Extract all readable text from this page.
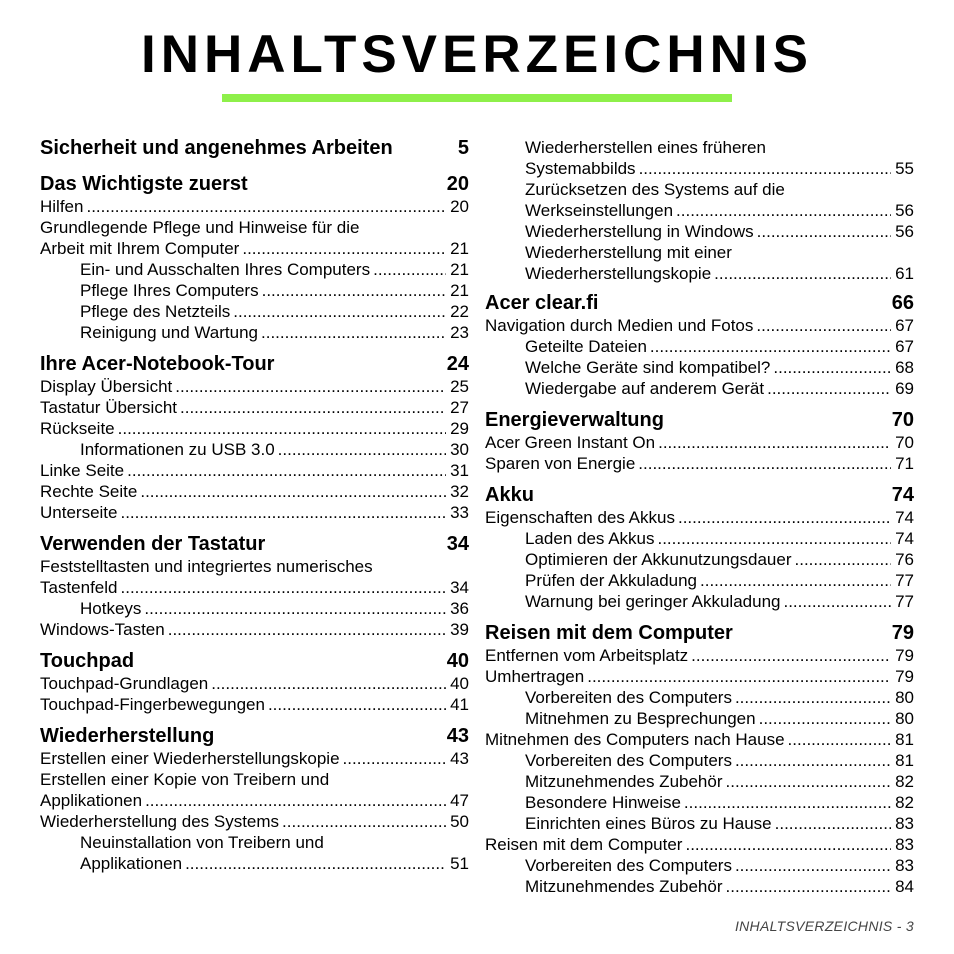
INHALTSVERZEICHNIS
Sicherheit und angenehmes Arbeiten	5
Das Wichtigste zuerst	20
Hilfen .....	20
Grundlegende Pflege und Hinweise für die
Arbeit mit Ihrem Computer .....	21
Ein- und Ausschalten Ihres Computers .....	21
Pflege Ihres Computers .....	21
Pflege des Netzteils .....	22
Reinigung und Wartung .....	23
Ihre Acer-Notebook-Tour	24
Display Übersicht .....	25
Tastatur Übersicht .....	27
Rückseite .....	29
Informationen zu USB 3.0 .....	30
Linke Seite .....	31
Rechte Seite .....	32
Unterseite .....	33
Verwenden der Tastatur	34
Feststelltasten und integriertes numerisches
Tastenfeld .....	34
Hotkeys .....	36
Windows-Tasten .....	39
Touchpad	40
Touchpad-Grundlagen .....	40
Touchpad-Fingerbewegungen .....	41
Wiederherstellung	43
Erstellen einer Wiederherstellungskopie .....	43
Erstellen einer Kopie von Treibern und
Applikationen .....	47
Wiederherstellung des Systems .....	50
Neuinstallation von Treibern und
Applikationen .....	51
Wiederherstellen eines früheren
Systemabbilds .....	55
Zurücksetzen des Systems auf die
Werkseinstellungen .....	56
Wiederherstellung in Windows .....	56
Wiederherstellung mit einer
Wiederherstellungskopie .....	61
Acer clear.fi	66
Navigation durch Medien und Fotos .....	67
Geteilte Dateien .....	67
Welche Geräte sind kompatibel? .....	68
Wiedergabe auf anderem Gerät .....	69
Energieverwaltung	70
Acer Green Instant On .....	70
Sparen von Energie .....	71
Akku	74
Eigenschaften des Akkus .....	74
Laden des Akkus .....	74
Optimieren der Akkunutzungsdauer .....	76
Prüfen der Akkuladung .....	77
Warnung bei geringer Akkuladung .....	77
Reisen mit dem Computer	79
Entfernen vom Arbeitsplatz .....	79
Umhertragen .....	79
Vorbereiten des Computers .....	80
Mitnehmen zu Besprechungen .....	80
Mitnehmen des Computers nach Hause .....	81
Vorbereiten des Computers .....	81
Mitzunehmendes Zubehör .....	82
Besondere Hinweise .....	82
Einrichten eines Büros zu Hause .....	83
Reisen mit dem Computer .....	83
Vorbereiten des Computers .....	83
Mitzunehmendes Zubehör .....	84
INHALTSVERZEICHNIS - 3
